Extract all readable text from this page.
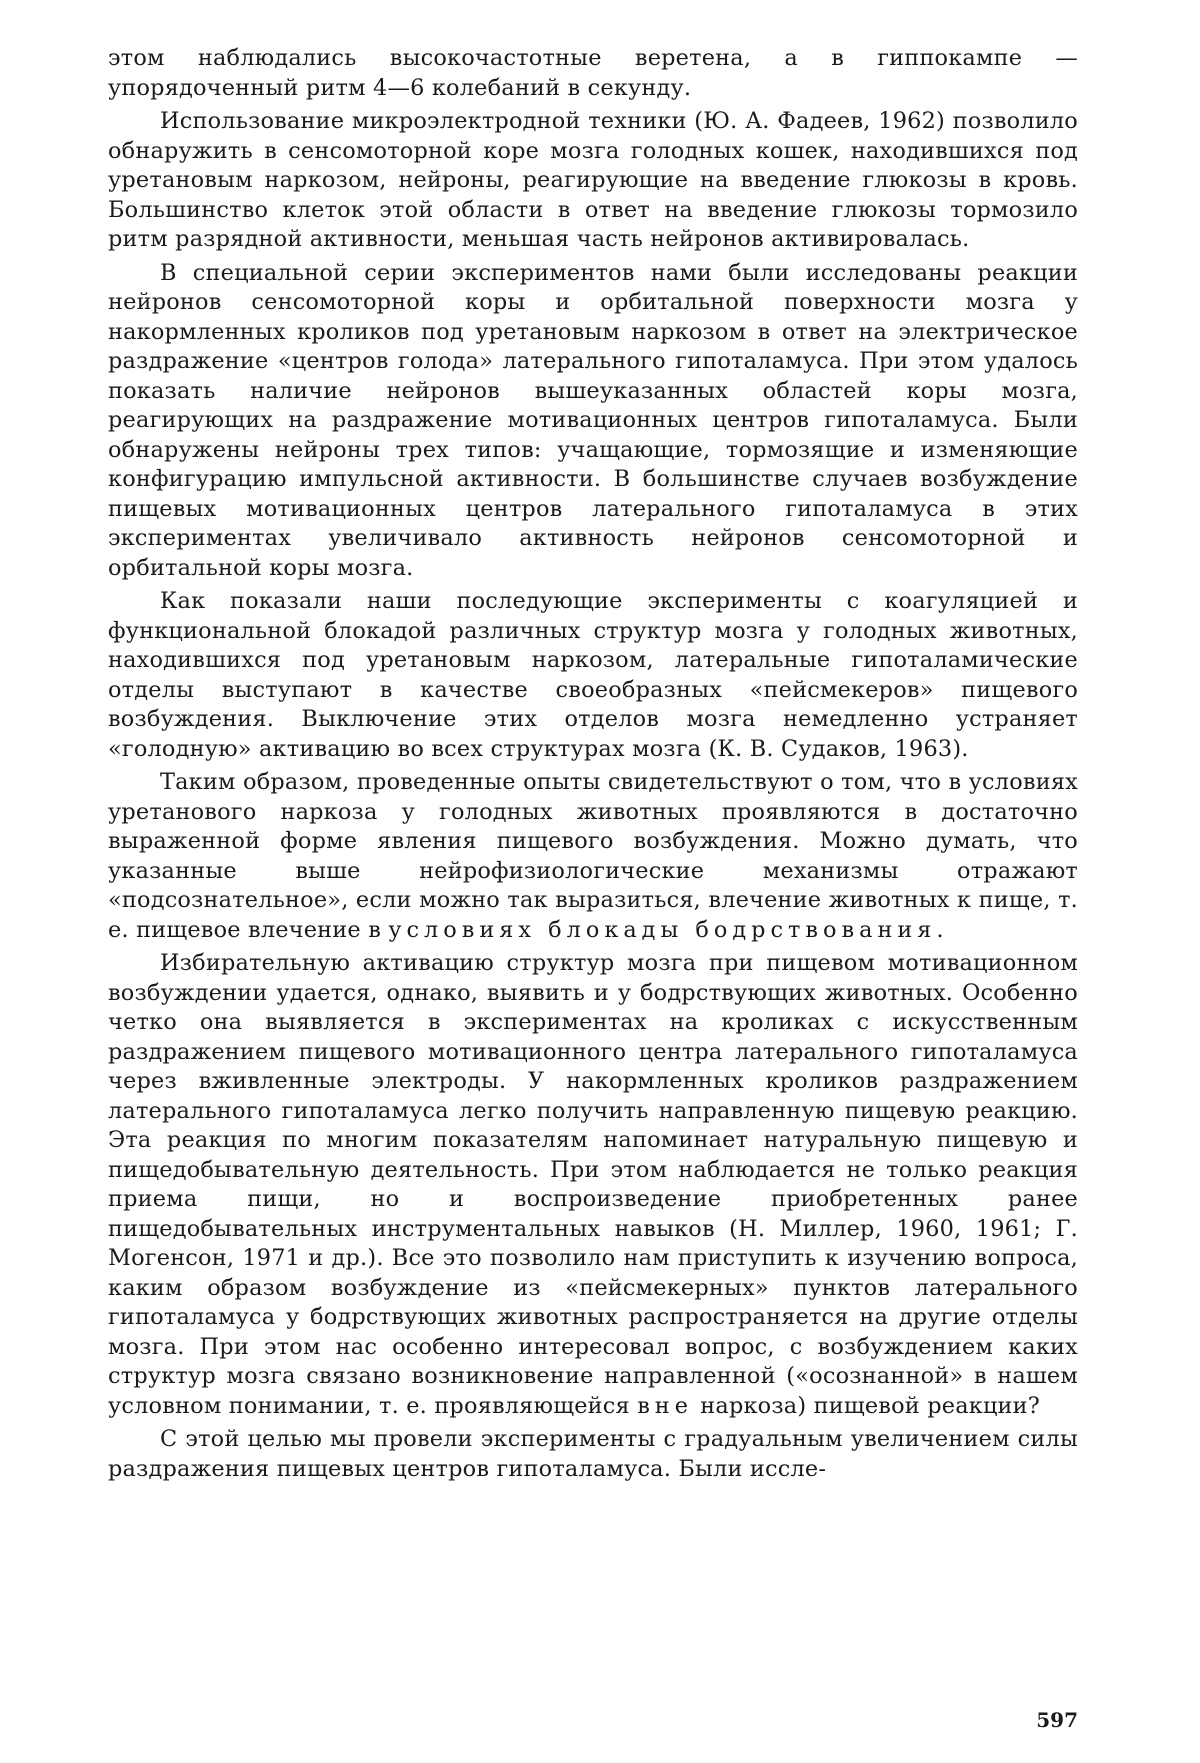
этом наблюдались высокочастотные веретена, а в гиппокампе — упорядоченный ритм 4—6 колебаний в секунду.

Использование микроэлектродной техники (Ю. А. Фадеев, 1962) позволило обнаружить в сенсомоторной коре мозга голодных кошек, находившихся под уретановым наркозом, нейроны, реагирующие на введение глюкозы в кровь. Большинство клеток этой области в ответ на введение глюкозы тормозило ритм разрядной активности, меньшая часть нейронов активировалась.

В специальной серии экспериментов нами были исследованы реакции нейронов сенсомоторной коры и орбитальной поверхности мозга у накормленных кроликов под уретановым наркозом в ответ на электрическое раздражение «центров голода» латерального гипоталамуса. При этом удалось показать наличие нейронов вышеуказанных областей коры мозга, реагирующих на раздражение мотивационных центров гипоталамуса. Были обнаружены нейроны трех типов: учащающие, тормозящие и изменяющие конфигурацию импульсной активности. В большинстве случаев возбуждение пищевых мотивационных центров латерального гипоталамуса в этих экспериментах увеличивало активность нейронов сенсомоторной и орбитальной коры мозга.

Как показали наши последующие эксперименты с коагуляцией и функциональной блокадой различных структур мозга у голодных животных, находившихся под уретановым наркозом, латеральные гипоталамические отделы выступают в качестве своеобразных «пейсмекеров» пищевого возбуждения. Выключение этих отделов мозга немедленно устраняет «голодную» активацию во всех структурах мозга (К. В. Судаков, 1963).

Таким образом, проведенные опыты свидетельствуют о том, что в условиях уретанового наркоза у голодных животных проявляются в достаточно выраженной форме явления пищевого возбуждения. Можно думать, что указанные выше нейрофизиологические механизмы отражают «подсознательное», если можно так выразиться, влечение животных к пище, т. е. пищевое влечение в условиях блокады бодрствования.

Избирательную активацию структур мозга при пищевом мотивационном возбуждении удается, однако, выявить и у бодрствующих животных. Особенно четко она выявляется в экспериментах на кроликах с искусственным раздражением пищевого мотивационного центра латерального гипоталамуса через вживленные электроды. У накормленных кроликов раздражением латерального гипоталамуса легко получить направленную пищевую реакцию. Эта реакция по многим показателям напоминает натуральную пищевую и пищедобывательную деятельность. При этом наблюдается не только реакция приема пищи, но и воспроизведение приобретенных ранее пищедобывательных инструментальных навыков (Н. Миллер, 1960, 1961; Г. Могенсон, 1971 и др.). Все это позволило нам приступить к изучению вопроса, каким образом возбуждение из «пейсмекерных» пунктов латерального гипоталамуса у бодрствующих животных распространяется на другие отделы мозга. При этом нас особенно интересовал вопрос, с возбуждением каких структур мозга связано возникновение направленной («осознанной» в нашем условном понимании, т. е. проявляющейся вне наркоза) пищевой реакции?

С этой целью мы провели эксперименты с градуальным увеличением силы раздражения пищевых центров гипоталамуса. Были иссле-

597
